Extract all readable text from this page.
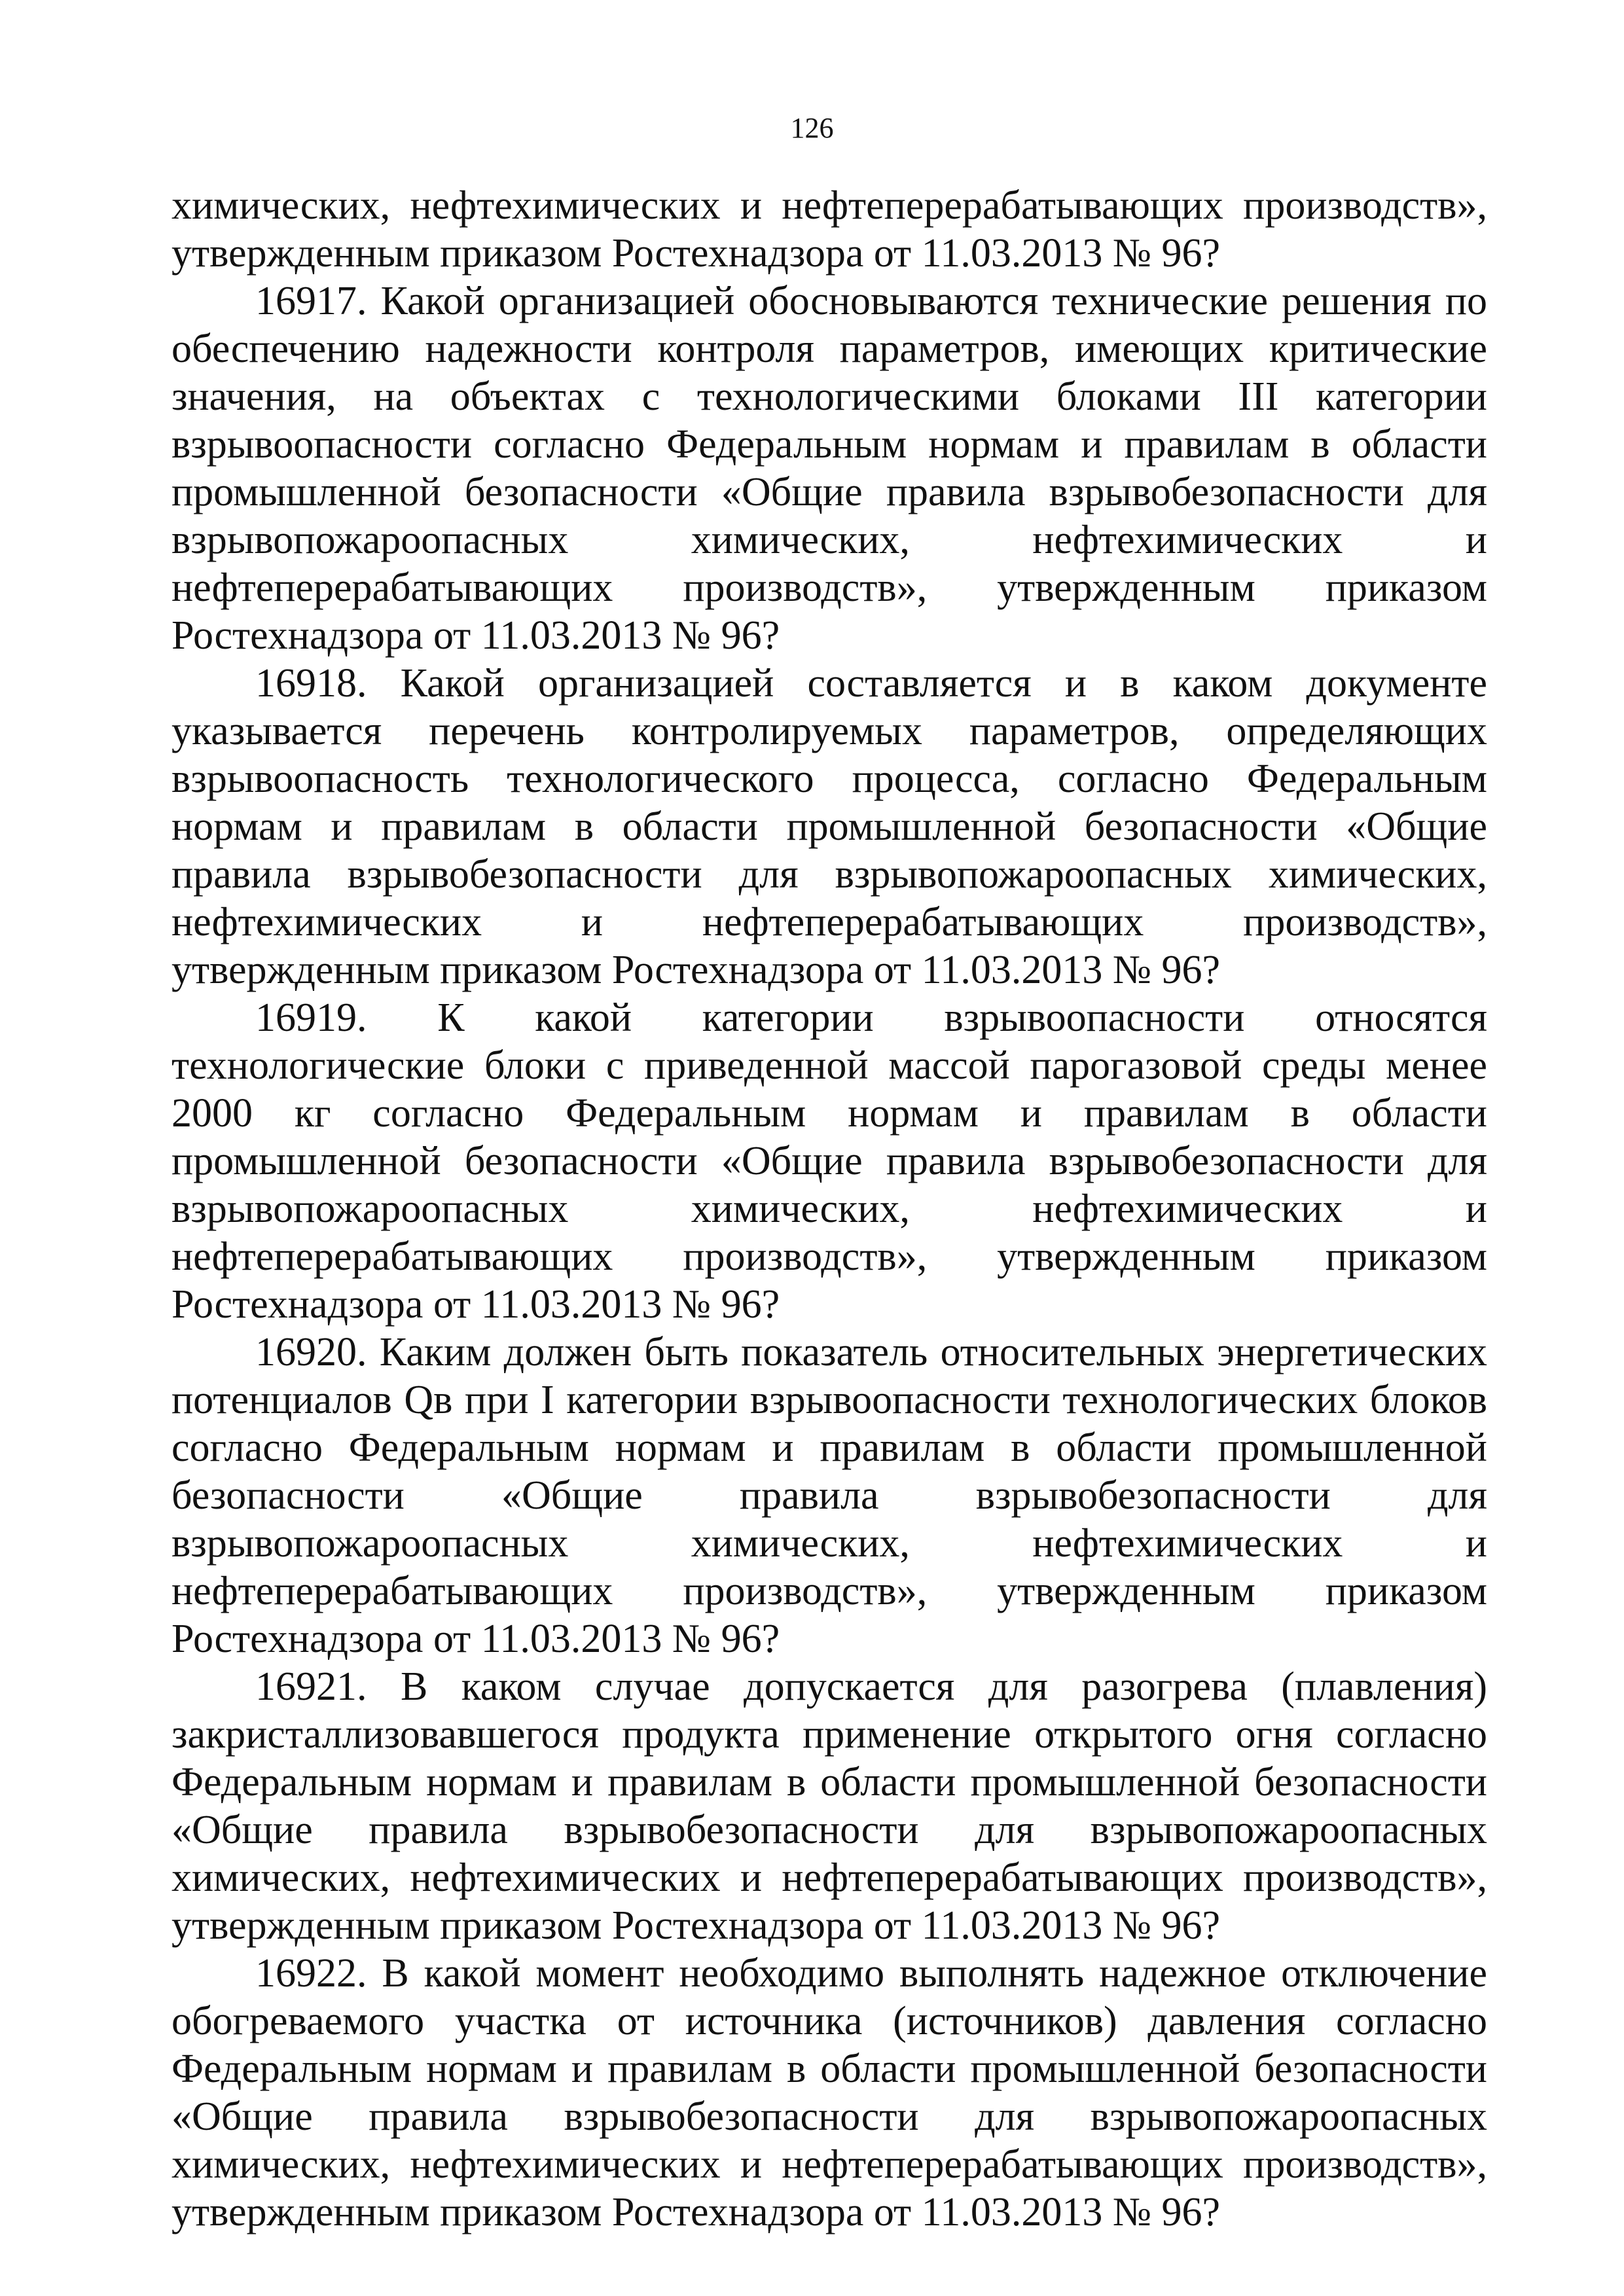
126

химических, нефтехимических и нефтеперерабатывающих производств», утвержденным приказом Ростехнадзора от 11.03.2013 № 96?

16917. Какой организацией обосновываются технические решения по обеспечению надежности контроля параметров, имеющих критические значения, на объектах с технологическими блоками III категории взрывоопасности согласно Федеральным нормам и правилам в области промышленной безопасности «Общие правила взрывобезопасности для взрывопожароопасных химических, нефтехимических и нефтеперерабатывающих производств», утвержденным приказом Ростехнадзора от 11.03.2013 № 96?

16918. Какой организацией составляется и в каком документе указывается перечень контролируемых параметров, определяющих взрывоопасность технологического процесса, согласно Федеральным нормам и правилам в области промышленной безопасности «Общие правила взрывобезопасности для взрывопожароопасных химических, нефтехимических и нефтеперерабатывающих производств», утвержденным приказом Ростехнадзора от 11.03.2013 № 96?

16919. К какой категории взрывоопасности относятся технологические блоки с приведенной массой парогазовой среды менее 2000 кг согласно Федеральным нормам и правилам в области промышленной безопасности «Общие правила взрывобезопасности для взрывопожароопасных химических, нефтехимических и нефтеперерабатывающих производств», утвержденным приказом Ростехнадзора от 11.03.2013 № 96?

16920. Каким должен быть показатель относительных энергетических потенциалов Qв при I категории взрывоопасности технологических блоков согласно Федеральным нормам и правилам в области промышленной безопасности «Общие правила взрывобезопасности для взрывопожароопасных химических, нефтехимических и нефтеперерабатывающих производств», утвержденным приказом Ростехнадзора от 11.03.2013 № 96?

16921. В каком случае допускается для разогрева (плавления) закристаллизовавшегося продукта применение открытого огня согласно Федеральным нормам и правилам в области промышленной безопасности «Общие правила взрывобезопасности для взрывопожароопасных химических, нефтехимических и нефтеперерабатывающих производств», утвержденным приказом Ростехнадзора от 11.03.2013 № 96?

16922. В какой момент необходимо выполнять надежное отключение обогреваемого участка от источника (источников) давления согласно Федеральным нормам и правилам в области промышленной безопасности «Общие правила взрывобезопасности для взрывопожароопасных химических, нефтехимических и нефтеперерабатывающих производств», утвержденным приказом Ростехнадзора от 11.03.2013 № 96?
